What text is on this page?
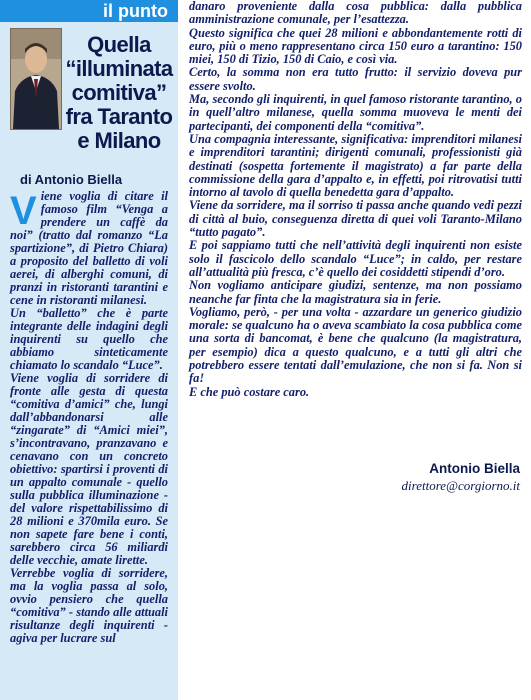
il punto
Quella
“illuminata
comitiva”
fra Taranto
e Milano
di Antonio Biella

Viene voglia di citare il famoso film “Venga a prendere un caffè da noi” (tratto dal romanzo “La spartizione”, di Pietro Chiara) a proposito del balletto di voli aerei, di alberghi comuni, di pranzi in ristoranti tarantini e cene in ristoranti milanesi.

Un “balletto” che è parte integrante delle indagini degli inquirenti su quello che abbiamo sinteticamente chiamato lo scandalo “Luce”.

Viene voglia di sorridere di fronte alle gesta di questa “comitiva d’amici” che, lungi dall’abbandonarsi alle “zingarate” di “Amici miei”, s’incontravano, pranzavano e cenavano con un concreto obiettivo: spartirsi i proventi di un appalto comunale - quello sulla pubblica illuminazione - del valore rispettabilissimo di 28 milioni e 370mila euro. Se non sapete fare bene i conti, sarebbero circa 56 miliardi delle vecchie, amate lirette.

Verrebbe voglia di sorridere, ma la voglia passa al solo, ovvio pensiero che quella “comitiva” - stando alle attuali risultanze degli inquirenti - agiva per lucrare sul

danaro proveniente dalla cosa pubblica: dalla pubblica amministrazione comunale, per l’esattezza.

Questo significa che quei 28 milioni e abbondantemente rotti di euro, più o meno rappresentano circa 150 euro a tarantino: 150 miei, 150 di Tizio, 150 di Caio, e così via.

Certo, la somma non era tutto frutto: il servizio doveva pur essere svolto.

Ma, secondo gli inquirenti, in quel famoso ristorante tarantino, o in quell’altro milanese, quella somma muoveva le menti dei partecipanti, dei componenti della “comitiva”.

Una compagnia interessante, significativa: imprenditori milanesi e imprenditori tarantini; dirigenti comunali, professionisti già destinati (sospetta fortemente il magistrato) a far parte della commissione della gara d’appalto e, in effetti, poi ritrovatisi tutti intorno al tavolo di quella benedetta gara d’appalto.

Viene da sorridere, ma il sorriso ti passa anche quando vedi pezzi di città al buio, conseguenza diretta di quei voli Taranto-Milano “tutto pagato”.

E poi sappiamo tutti che nell’attività degli inquirenti non esiste solo il fascicolo dello scandalo “Luce”; in caldo, per restare all’attualità più fresca, c’è quello dei cosiddetti stipendi d’oro.

Non vogliamo anticipare giudizi, sentenze, ma non possiamo neanche far finta che la magistratura sia in ferie.

Vogliamo, però, - per una volta - azzardare un generico giudizio morale: se qualcuno ha o aveva scambiato la cosa pubblica come una sorta di bancomat, è bene che qualcuno (la magistratura, per esempio) dica a questo qualcuno, e a tutti gli altri che potrebbero essere tentati dall’emulazione, che non si fa. Non si fa!

E che può costare caro.

Antonio Biella
direttore@corgiorno.it
